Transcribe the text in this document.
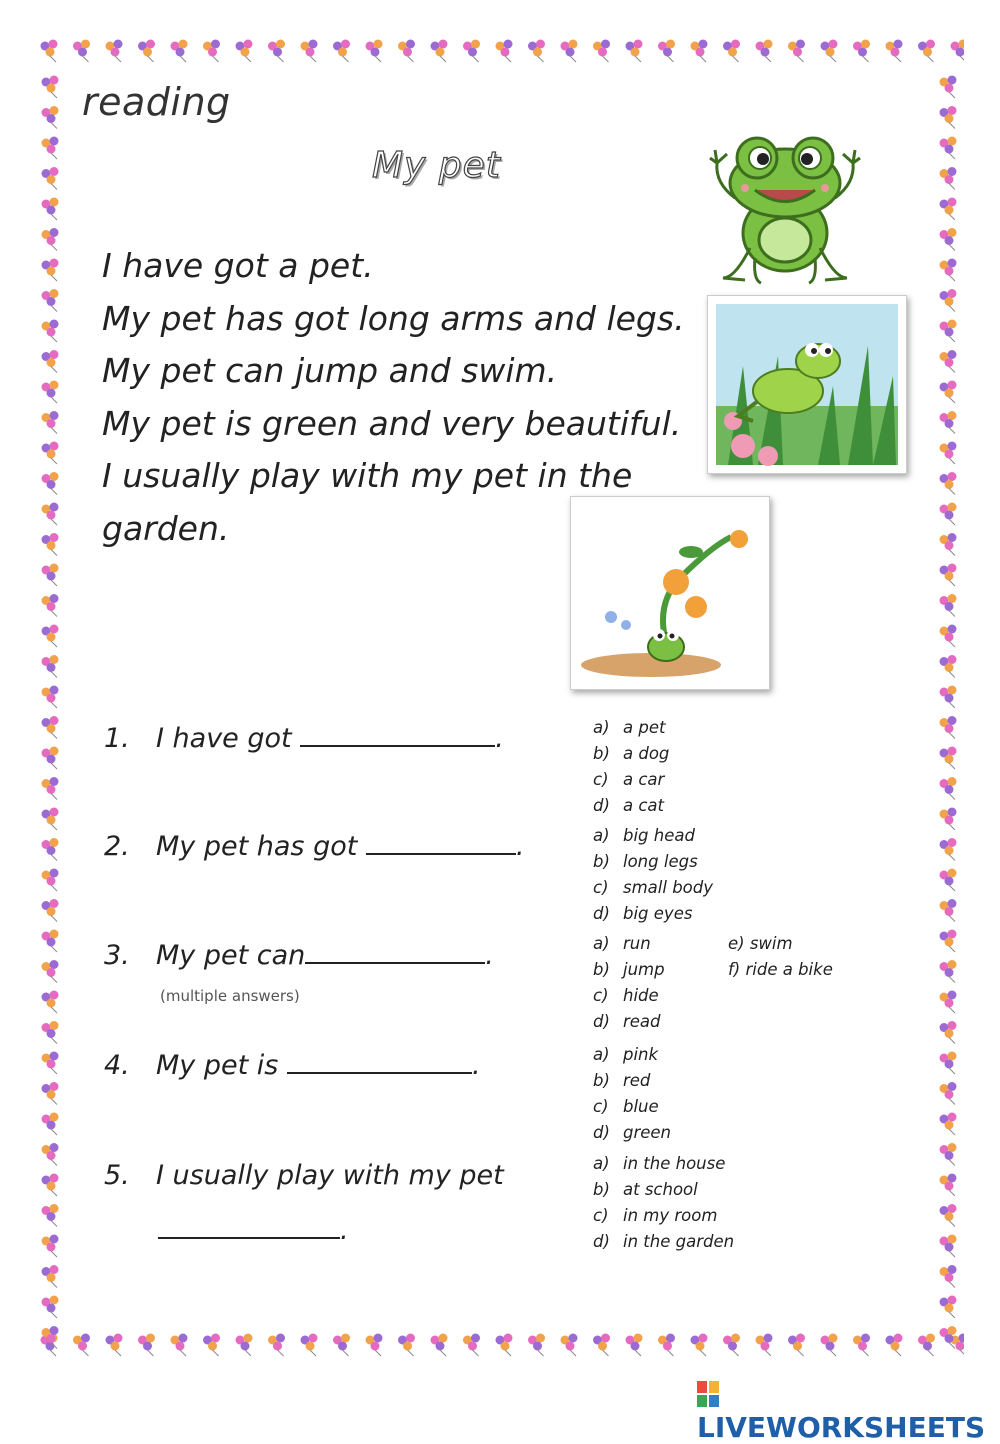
reading
My pet

I have got a pet.

My pet has got long arms and legs.

My pet can jump and swim.

My pet is green and very beautiful.

I usually play with my pet in the

garden.

1. I have got	.
2. My pet has got	.
3. My pet can	.
(multiple answers)
4. My pet is	.
5. I usually play with my pet
.
a) a pet
b) a dog
c) a car
d) a cat
a) big head
b) long legs
c) small body
d) big eyes
a) run	e) swim
b) jump	f) ride a bike
c) hide
d) read
a) pink
b) red
c) blue
d) green
a) in the house
b) at school
c) in my room
d) in the garden
LIVEWORKSHEETS
